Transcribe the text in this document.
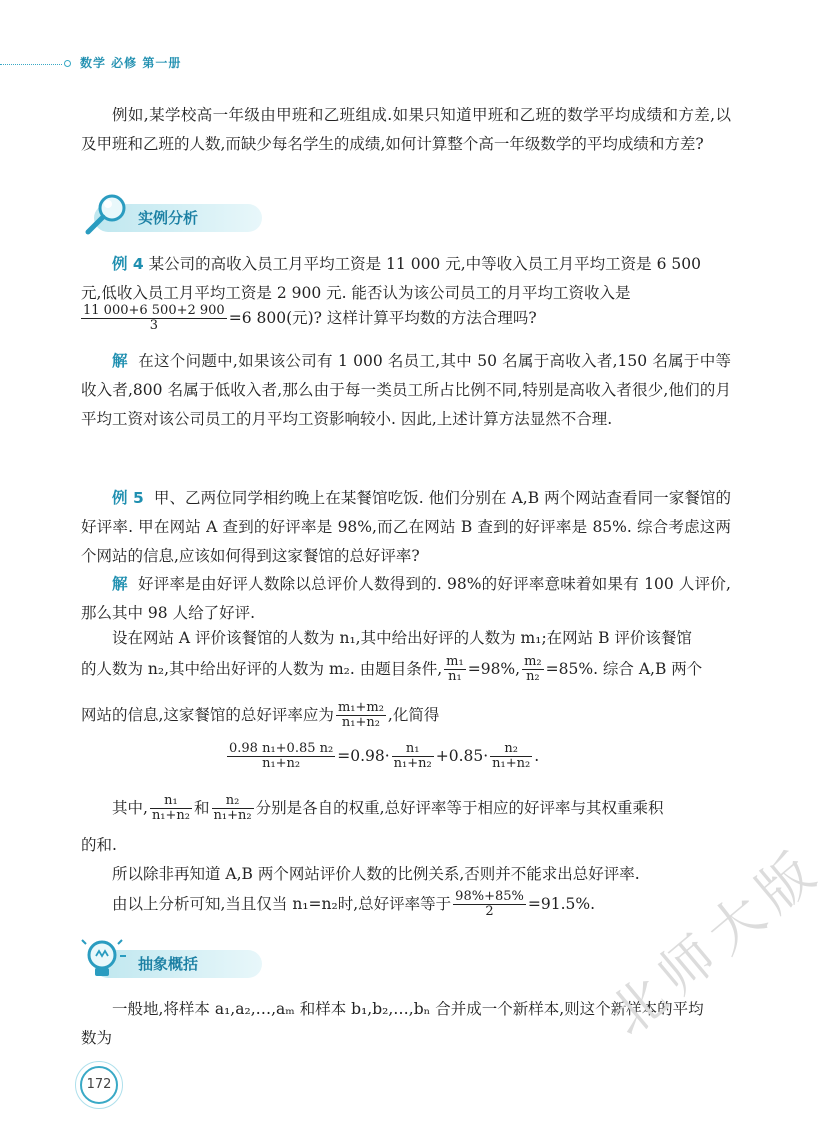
数学 必修 第一册

例如,某学校高一年级由甲班和乙班组成.如果只知道甲班和乙班的数学平均成绩和方差,以及甲班和乙班的人数,而缺少每名学生的成绩,如何计算整个高一年级数学的平均成绩和方差?

实例分析

例 4 某公司的高收入员工月平均工资是 11 000 元,中等收入员工月平均工资是 6 500

元,低收入员工月平均工资是 2 900 元. 能否认为该公司员工的月平均工资收入是

$\frac{11 000+6 500+2 900}{3} =6$ 800(元)? 这样计算平均数的方法合理吗?

解 在这个问题中,如果该公司有 1 000 名员工,其中 50 名属于高收入者,150 名属于中等收入者,800 名属于低收入者,那么由于每一类员工所占比例不同,特别是高收入者很少,他们的月平均工资对该公司员工的月平均工资影响较小. 因此,上述计算方法显然不合理.

例 5 甲、乙两位同学相约晚上在某餐馆吃饭. 他们分别在 A,B 两个网站查看同一家餐馆的好评率. 甲在网站 A 查到的好评率是 98%,而乙在网站 B 查到的好评率是 85%. 综合考虑这两个网站的信息,应该如何得到这家餐馆的总好评率?

解 好评率是由好评人数除以总评价人数得到的. 98%的好评率意味着如果有 100 人评价,那么其中 98 人给了好评.

设在网站 A 评价该餐馆的人数为 n₁,其中给出好评的人数为 m₁;在网站 B 评价该餐馆

的人数为 n₂,其中给出好评的人数为 m₂. 由题目条件, $\frac{\text{m₁}}{\text{n₁}} =98\%$, $\frac{\text{m₂}}{\text{n₂}} =85\%$. 综合 A,B 两个
网站的信息,这家餐馆的总好评率应为 $\frac{\text{m₁+m₂}}{\text{n₁+n₂}}$ ,化简得
$\frac{\text{0.98 n₁+0.85 n₂}}{\text{n₁+n₂}} =0.98\cdot \frac{\text{n₁}}{\text{n₁+n₂}} +0.85\cdot \frac{\text{n₂}}{\text{n₁+n₂}}$ .
其中, $\frac{\text{n₁}}{\text{n₁+n₂}}$ 和 $\frac{\text{n₂}}{\text{n₁+n₂}}$ 分别是各自的权重,总好评率等于相应的好评率与其权重乘积

的和.

所以除非再知道 A,B 两个网站评价人数的比例关系,否则并不能求出总好评率.

由以上分析可知,当且仅当 n₁=n₂时,总好评率等于 $\frac{98\%+85\%}{2} =91.5\%$.
抽象概括

一般地,将样本 a₁,a₂,…,aₘ 和样本 b₁,b₂,…,bₙ 合并成一个新样本,则这个新样本的平均

数为

172
北师大版
